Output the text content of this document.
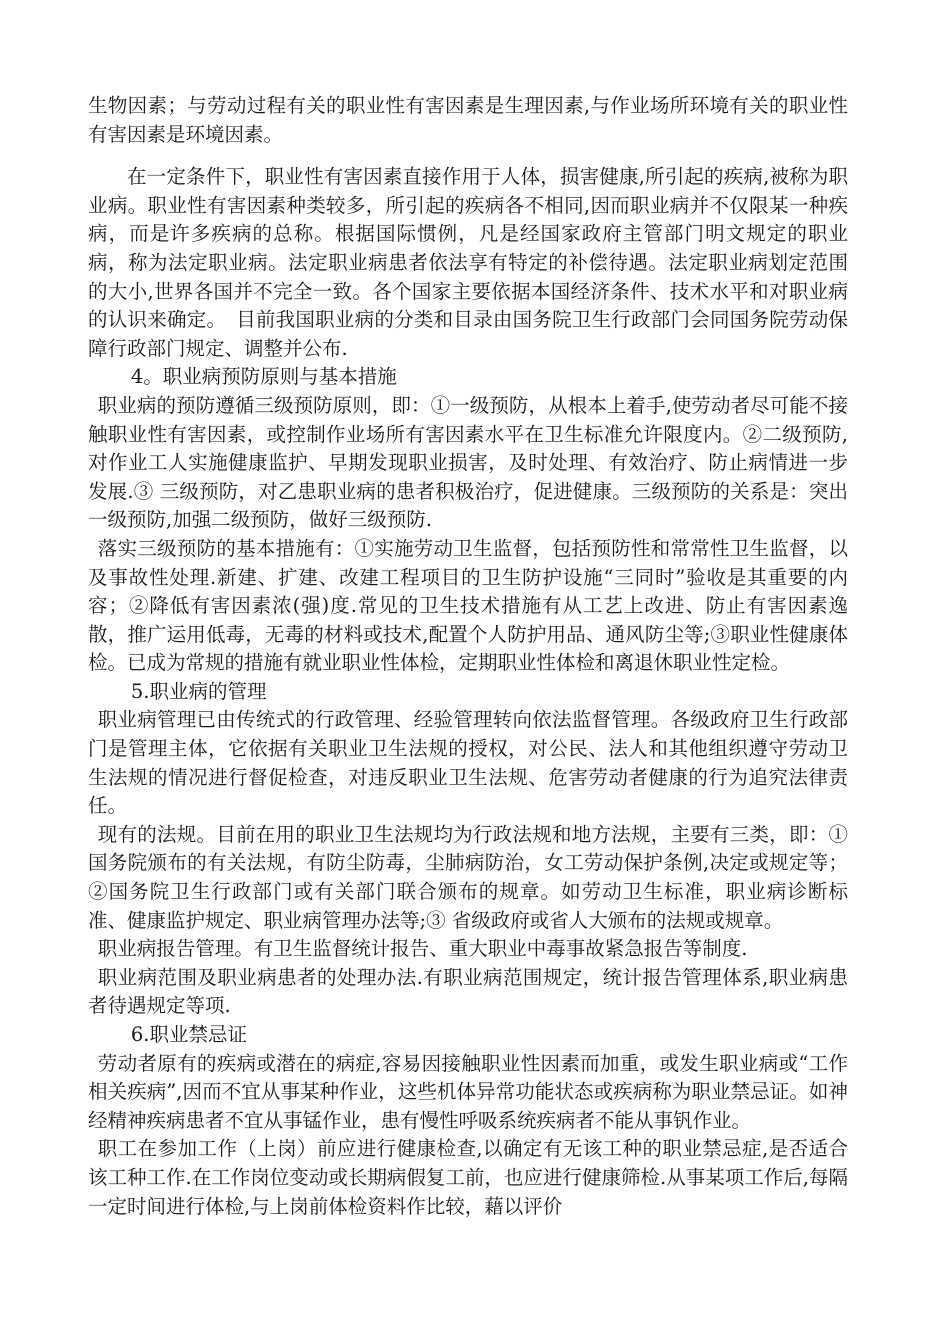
生物因素；与劳动过程有关的职业性有害因素是生理因素,与作业场所环境有关的职业性有害因素是环境因素。

在一定条件下，职业性有害因素直接作用于人体，损害健康,所引起的疾病,被称为职业病。职业性有害因素种类较多，所引起的疾病各不相同,因而职业病并不仅限某一种疾病，而是许多疾病的总称。根据国际惯例，凡是经国家政府主管部门明文规定的职业病，称为法定职业病。法定职业病患者依法享有特定的补偿待遇。法定职业病划定范围的大小,世界各国并不完全一致。各个国家主要依据本国经济条件、技术水平和对职业病的认识来确定。　目前我国职业病的分类和目录由国务院卫生行政部门会同国务院劳动保障行政部门规定、调整并公布.

4。职业病预防原则与基本措施

职业病的预防遵循三级预防原则，即：①一级预防，从根本上着手,使劳动者尽可能不接触职业性有害因素，或控制作业场所有害因素水平在卫生标准允许限度内。②二级预防,对作业工人实施健康监护、早期发现职业损害，及时处理、有效治疗、防止病情进一步发展.③ 三级预防，对乙患职业病的患者积极治疗，促进健康。三级预防的关系是：突出一级预防,加强二级预防，做好三级预防.

落实三级预防的基本措施有：①实施劳动卫生监督，包括预防性和常常性卫生监督，以及事故性处理.新建、扩建、改建工程项目的卫生防护设施“三同时”验收是其重要的内容；②降低有害因素浓(强)度.常见的卫生技术措施有从工艺上改进、防止有害因素逸散，推广运用低毒，无毒的材料或技术,配置个人防护用品、通风防尘等;③职业性健康体检。已成为常规的措施有就业职业性体检，定期职业性体检和离退休职业性定检。

5.职业病的管理

职业病管理已由传统式的行政管理、经验管理转向依法监督管理。各级政府卫生行政部门是管理主体，它依据有关职业卫生法规的授权，对公民、法人和其他组织遵守劳动卫生法规的情况进行督促检查，对违反职业卫生法规、危害劳动者健康的行为追究法律责任。

现有的法规。目前在用的职业卫生法规均为行政法规和地方法规，主要有三类，即：①国务院颁布的有关法规，有防尘防毒，尘肺病防治，女工劳动保护条例,决定或规定等；②国务院卫生行政部门或有关部门联合颁布的规章。如劳动卫生标准，职业病诊断标准、健康监护规定、职业病管理办法等;③ 省级政府或省人大颁布的法规或规章。

职业病报告管理。有卫生监督统计报告、重大职业中毒事故紧急报告等制度.

职业病范围及职业病患者的处理办法.有职业病范围规定，统计报告管理体系,职业病患者待遇规定等项.

6.职业禁忌证

劳动者原有的疾病或潜在的病症,容易因接触职业性因素而加重，或发生职业病或“工作相关疾病”,因而不宜从事某种作业，这些机体异常功能状态或疾病称为职业禁忌证。如神经精神疾病患者不宜从事锰作业，患有慢性呼吸系统疾病者不能从事钒作业。

职工在参加工作（上岗）前应进行健康检查,以确定有无该工种的职业禁忌症,是否适合该工种工作.在工作岗位变动或长期病假复工前，也应进行健康筛检.从事某项工作后,每隔一定时间进行体检,与上岗前体检资料作比较，藉以评价
